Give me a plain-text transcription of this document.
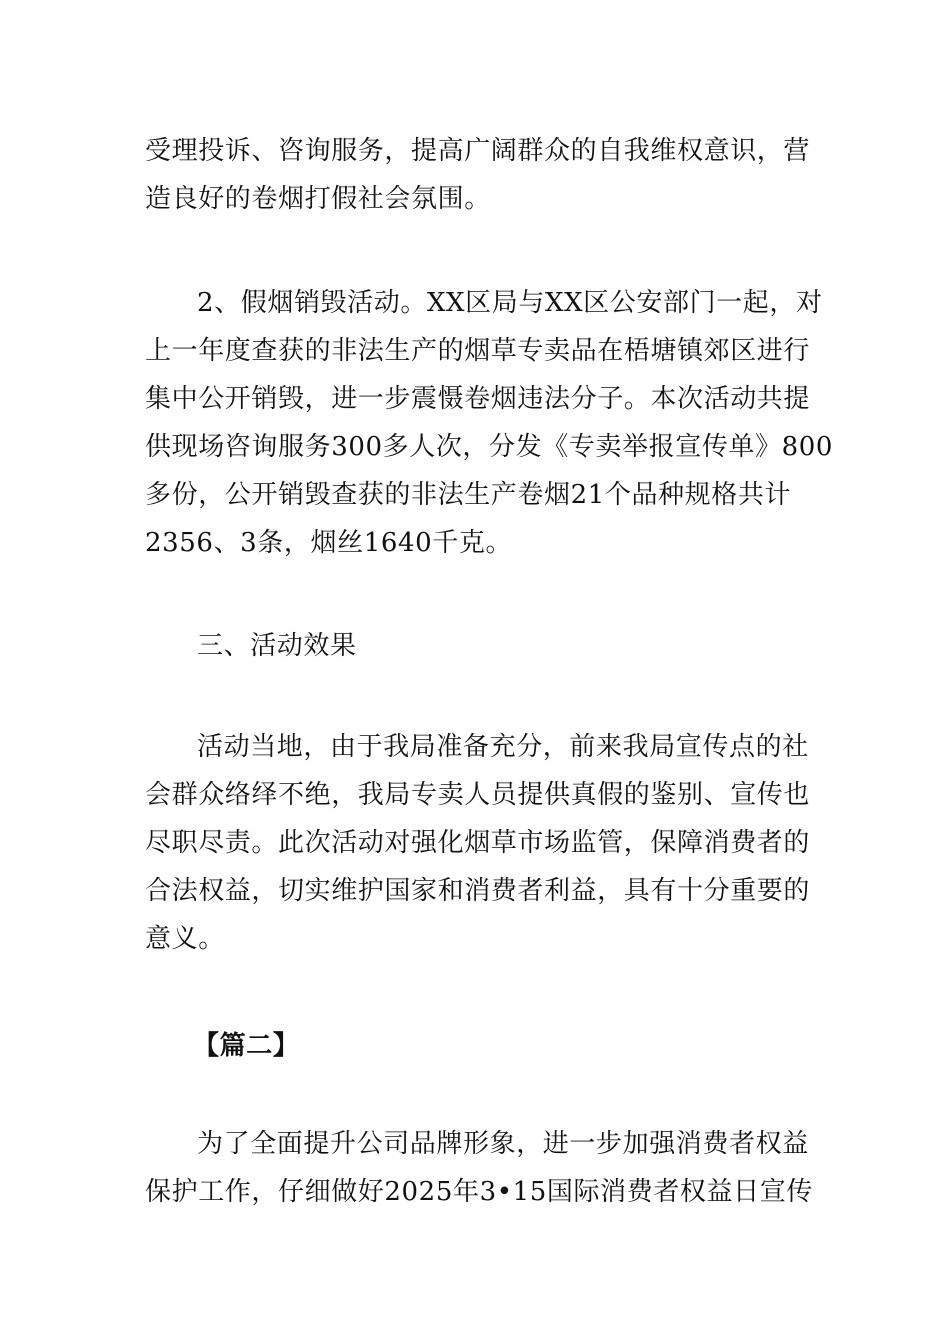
受理投诉、咨询服务，提高广阔群众的自我维权意识，营
造良好的卷烟打假社会氛围。

2、假烟销毁活动。XX区局与XX区公安部门一起，对
上一年度查获的非法生产的烟草专卖品在梧塘镇郊区进行
集中公开销毁，进一步震慑卷烟违法分子。本次活动共提
供现场咨询服务300多人次，分发《专卖举报宣传单》800
多份，公开销毁查获的非法生产卷烟21个品种规格共计
2356、3条，烟丝1640千克。

三、活动效果

活动当地，由于我局准备充分，前来我局宣传点的社
会群众络绎不绝，我局专卖人员提供真假的鉴别、宣传也
尽职尽责。此次活动对强化烟草市场监管，保障消费者的
合法权益，切实维护国家和消费者利益，具有十分重要的
意义。

【篇二】

为了全面提升公司品牌形象，进一步加强消费者权益
保护工作，仔细做好2025年3•15国际消费者权益日宣传
